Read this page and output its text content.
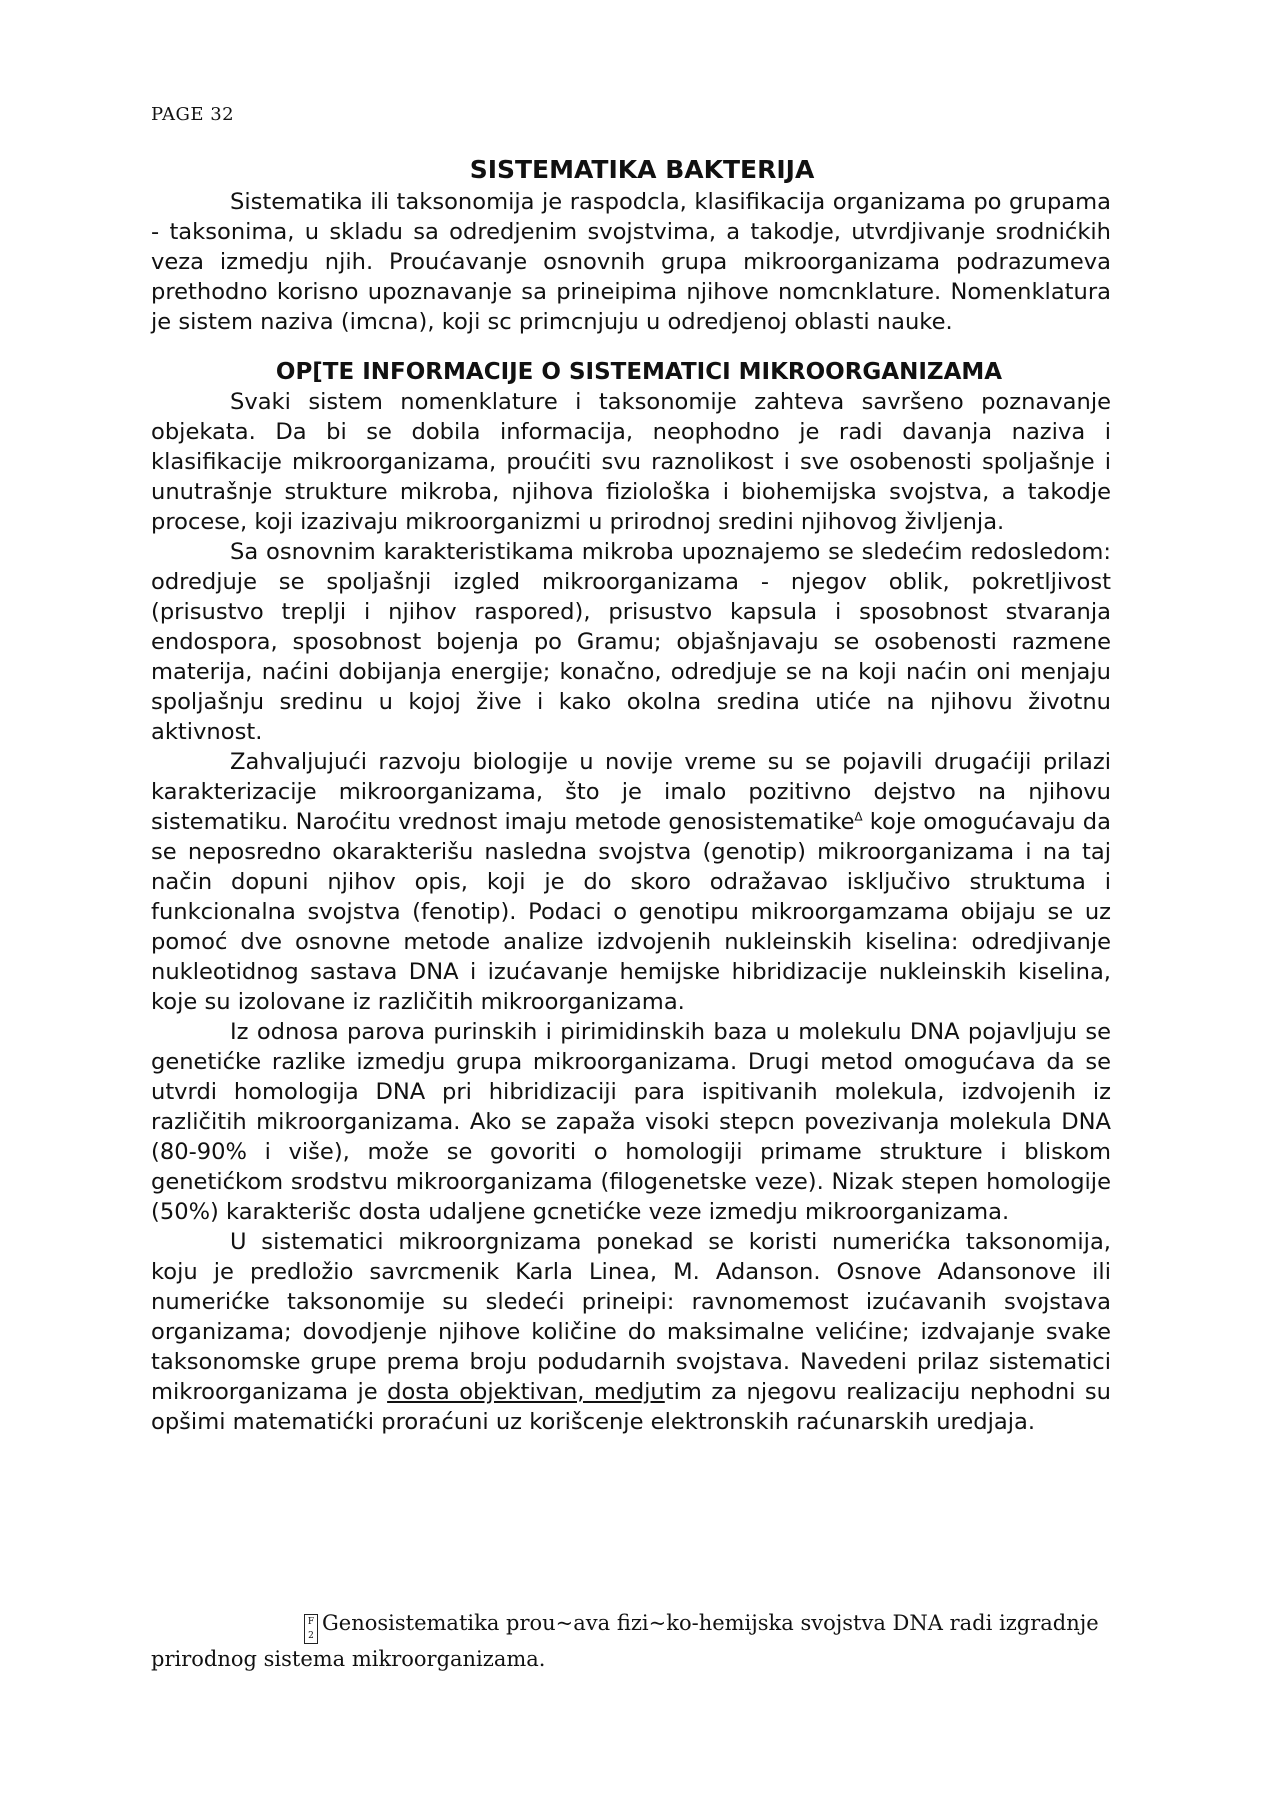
PAGE 32
SISTEMATIKA BAKTERIJA

Sistematika ili taksonomija je raspodcla, klasifikacija organizama po grupama - taksonima, u skladu sa odredjenim svojstvima, a takodje, utvrdjivanje srodnićkih veza izmedju njih. Proućavanje osnovnih grupa mikroorganizama podrazumeva prethodno korisno upoznavanje sa prineipima njihove nomcnklature. Nomenklatura je sistem naziva (imcna), koji sc primcnjuju u odredjenoj oblasti nauke.

OP[TE INFORMACIJE O SISTEMATICI MIKROORGANIZAMA

Svaki sistem nomenklature i taksonomije zahteva savršeno poznavanje objekata. Da bi se dobila informacija, neophodno je radi davanja naziva i klasifikacije mikroorganizama, proućiti svu raznolikost i sve osobenosti spoljašnje i unutrašnje strukture mikroba, njihova fiziološka i biohemijska svojstva, a takodje procese, koji izazivaju mikroorganizmi u prirodnoj sredini njihovog življenja.

Sa osnovnim karakteristikama mikroba upoznajemo se sledećim redosledom: odredjuje se spoljašnji izgled mikroorganizama - njegov oblik, pokretljivost (prisustvo treplji i njihov raspored), prisustvo kapsula i sposobnost stvaranja endospora, sposobnost bojenja po Gramu; objašnjavaju se osobenosti razmene materija, naćini dobijanja energije; konačno, odredjuje se na koji naćin oni menjaju spoljašnju sredinu u kojoj žive i kako okolna sredina utiće na njihovu životnu aktivnost.

Zahvaljujući razvoju biologije u novije vreme su se pojavili drugaćiji prilazi karakterizacije mikroorganizama, što je imalo pozitivno dejstvo na njihovu sistematiku. Naroćitu vrednost imaju metode genosistematike∆ koje omogućavaju da se neposredno okarakterišu nasledna svojstva (genotip) mikroorganizama i na taj način dopuni njihov opis, koji je do skoro odražavao isključivo struktuma i funkcionalna svojstva (fenotip). Podaci o genotipu mikroorgamzama obijaju se uz pomoć dve osnovne metode analize izdvojenih nukleinskih kiselina: odredjivanje nukleotidnog sastava DNA i izućavanje hemijske hibridizacije nukleinskih kiselina, koje su izolovane iz različitih mikroorganizama.

Iz odnosa parova purinskih i pirimidinskih baza u molekulu DNA pojavljuju se genetićke razlike izmedju grupa mikroorganizama. Drugi metod omogućava da se utvrdi homologija DNA pri hibridizaciji para ispitivanih molekula, izdvojenih iz različitih mikroorganizama. Ako se zapaža visoki stepcn povezivanja molekula DNA (80-90% i više), može se govoriti o homologiji primame strukture i bliskom genetićkom srodstvu mikroorganizama (filogenetske veze). Nizak stepen homologije (50%) karakterišc dosta udaljene gcnetićke veze izmedju mikroorganizama.

U sistematici mikroorgnizama ponekad se koristi numerićka taksonomija, koju je predložio savrcmenik Karla Linea, M. Adanson. Osnove Adansonove ili numerićke taksonomije su sledeći prineipi: ravnomemost izućavanih svojstava organizama; dovodjenje njihove količine do maksimalne velićine; izdvajanje svake taksonomske grupe prema broju podudarnih svojstava. Navedeni prilaz sistematici mikroorganizama je dosta objektivan, medjutim za njegovu realizaciju nephodni su opšimi matematićki proraćuni uz korišcenje elektronskih raćunarskih uredjaja.

F 2Genosistematika prou~ava fizi~ko-hemijska svojstva DNA radi izgradnje prirodnog sistema mikroorganizama.
